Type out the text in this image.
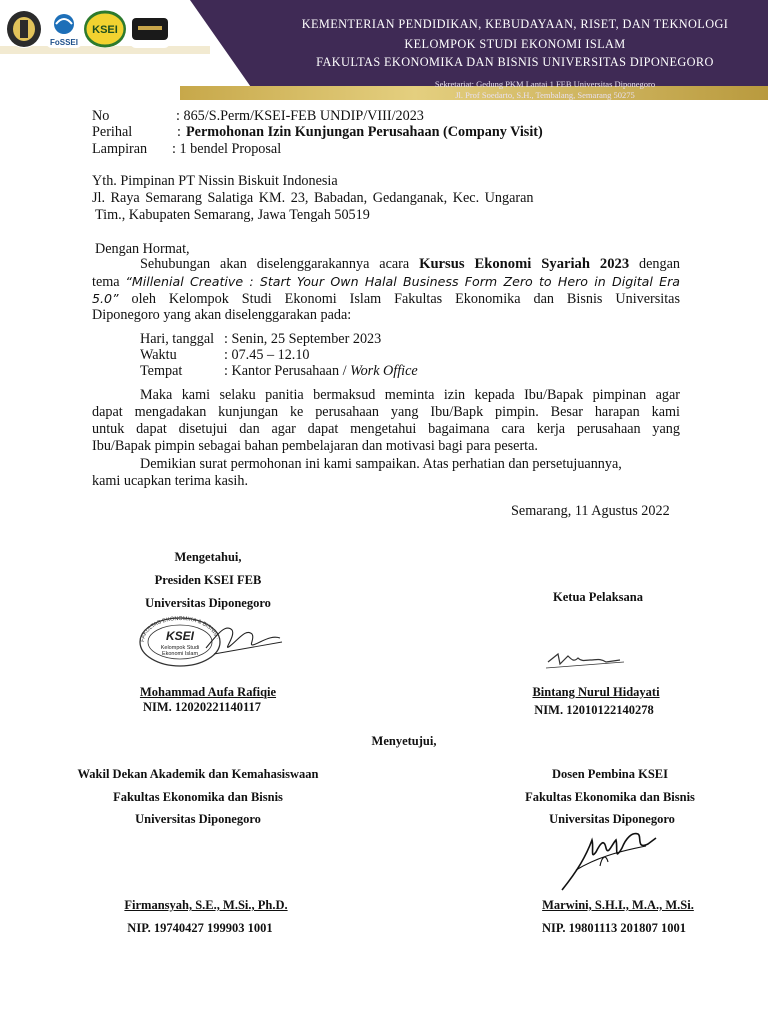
FoSSEI
KSEI	KEMENTERIAN PENDIDIKAN, KEBUDAYAAN, RISET, DAN TEKNOLOGI
KELOMPOK STUDI EKONOMI ISLAM
FAKULTAS EKONOMIKA DAN BISNIS UNIVERSITAS DIPONEGORO
Sekretariat: Gedung PKM Lantai 1 FEB Universitas Diponegoro
Jl. Prof Soedarto, S.H., Tembalang, Semarang 50275
No	: 865/S.Perm/KSEI-FEB UNDIP/VIII/2023
Perihal	: Permohonan Izin Kunjungan Perusahaan (Company Visit)
Lampiran : 1 bendel Proposal
Yth. Pimpinan PT Nissin Biskuit Indonesia
Jl. Raya Semarang Salatiga KM. 23, Babadan, Gedanganak, Kec. Ungaran
Tim., Kabupaten Semarang, Jawa Tengah 50519
Dengan Hormat,
Sehubungan akan diselenggarakannya acara Kursus Ekonomi Syariah 2023 dengan
tema “Millenial Creative : Start Your Own Halal Business Form Zero to Hero in Digital Era
5.0” oleh Kelompok Studi Ekonomi Islam Fakultas Ekonomika dan Bisnis Universitas
Diponegoro yang akan diselenggarakan pada:
Hari, tanggal : Senin, 25 September 2023
Waktu	: 07.45 – 12.10
Tempat	: Kantor Perusahaan / Work Office
Maka kami selaku panitia bermaksud meminta izin kepada Ibu/Bapak pimpinan agar
dapat mengadakan kunjungan ke perusahaan yang Ibu/Bapk pimpin. Besar harapan kami
untuk dapat disetujui dan agar dapat mengetahui bagaimana cara kerja perusahaan yang
Ibu/Bapak pimpin sebagai bahan pembelajaran dan motivasi bagi para peserta.
Demikian surat permohonan ini kami sampaikan. Atas perhatian dan persetujuannya,
kami ucapkan terima kasih.
Semarang, 11 Agustus 2022
Mengetahui,
Presiden KSEI FEB
Universitas Diponegoro
FAKULTAS EKONOMIKA & BISNIS ·
KSEI
Kelompok Studi
Ekonomi Islam
Mohammad Aufa Rafiqie
NIM. 12020221140117
Ketua Pelaksana
Bintang Nurul Hidayati
NIM. 12010122140278
Menyetujui,
Wakil Dekan Akademik dan Kemahasiswaan
Fakultas Ekonomika dan Bisnis
Universitas Diponegoro
Firmansyah, S.E., M.Si., Ph.D.
NIP. 19740427 199903 1001
Dosen Pembina KSEI
Fakultas Ekonomika dan Bisnis
Universitas Diponegoro
Marwini, S.H.I., M.A., M.Si.
NIP. 19801113 201807 1001
